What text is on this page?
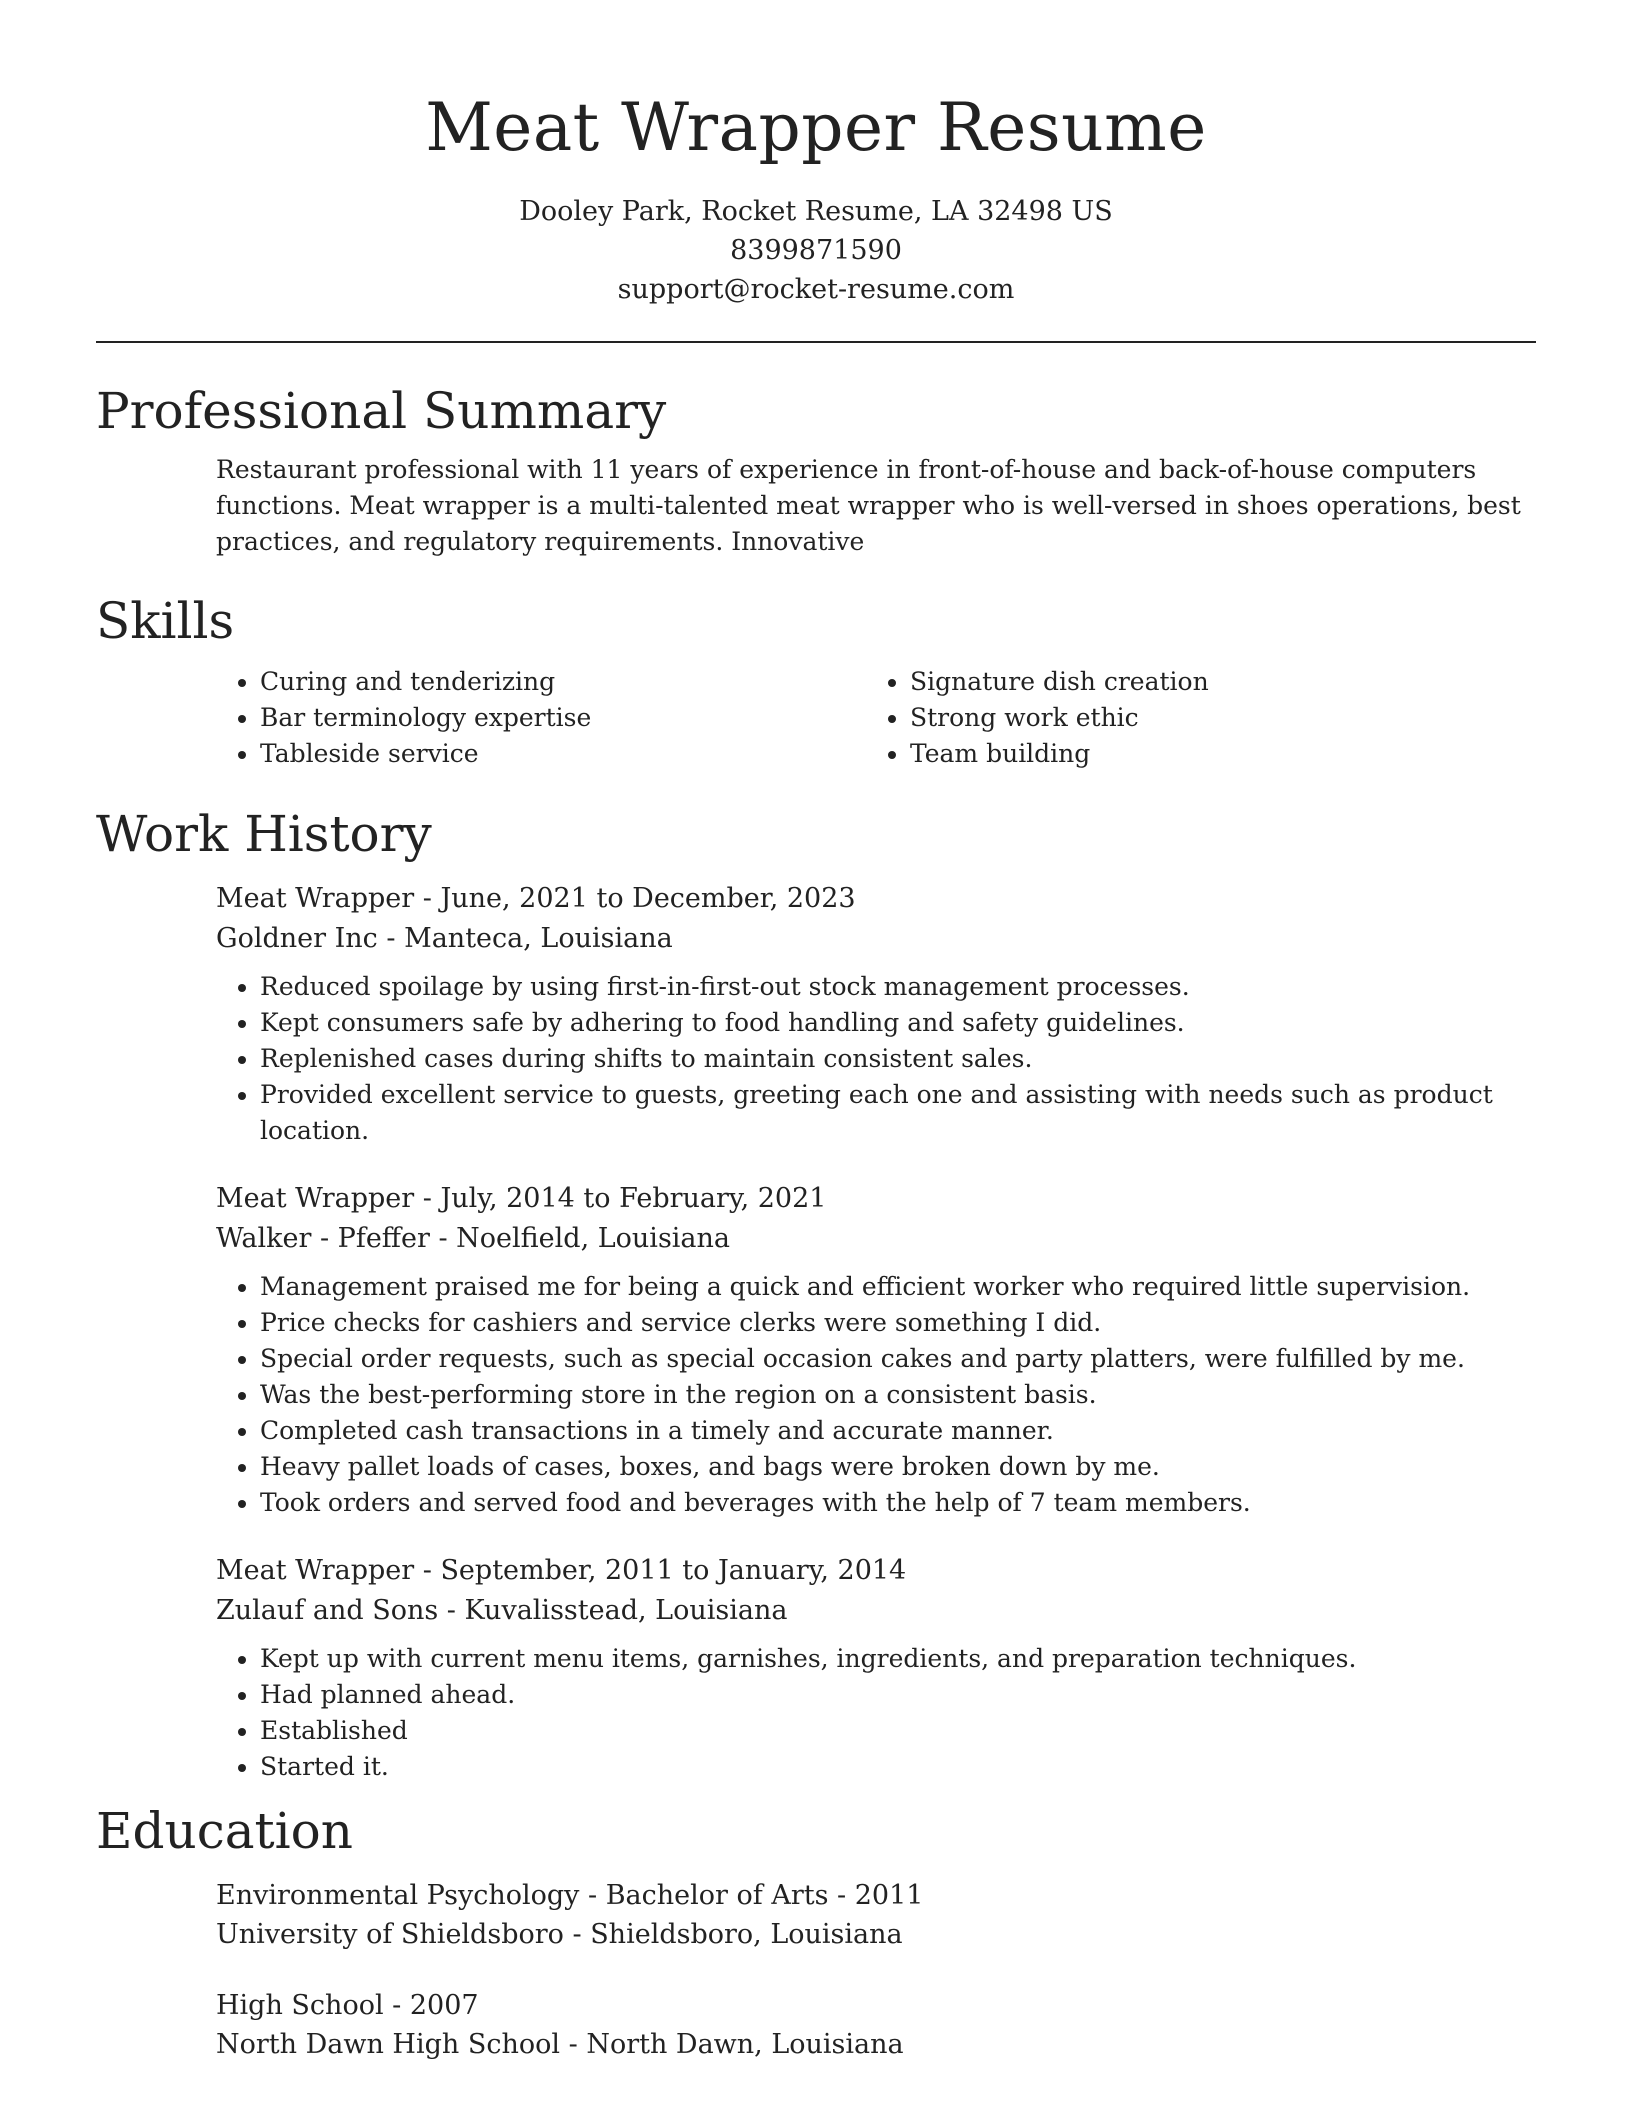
Meat Wrapper Resume
Dooley Park, Rocket Resume, LA 32498 US
8399871590
support@rocket-resume.com
Professional Summary

Restaurant professional with 11 years of experience in front-of-house and back-of-house computers functions. Meat wrapper is a multi-talented meat wrapper who is well-versed in shoes operations, best practices, and regulatory requirements. Innovative

Skills
• Curing and tenderizing
• Bar terminology expertise
• Tableside service
• Signature dish creation
• Strong work ethic
• Team building
Work History
Meat Wrapper - June, 2021 to December, 2023
Goldner Inc - Manteca, Louisiana
• Reduced spoilage by using first-in-first-out stock management processes.
• Kept consumers safe by adhering to food handling and safety guidelines.
• Replenished cases during shifts to maintain consistent sales.
• Provided excellent service to guests, greeting each one and assisting with needs such as product location.
Meat Wrapper - July, 2014 to February, 2021
Walker - Pfeffer - Noelfield, Louisiana
• Management praised me for being a quick and efficient worker who required little supervision.
• Price checks for cashiers and service clerks were something I did.
• Special order requests, such as special occasion cakes and party platters, were fulfilled by me.
• Was the best-performing store in the region on a consistent basis.
• Completed cash transactions in a timely and accurate manner.
• Heavy pallet loads of cases, boxes, and bags were broken down by me.
• Took orders and served food and beverages with the help of 7 team members.
Meat Wrapper - September, 2011 to January, 2014
Zulauf and Sons - Kuvalisstead, Louisiana
• Kept up with current menu items, garnishes, ingredients, and preparation techniques.
• Had planned ahead.
• Established
• Started it.
Education
Environmental Psychology - Bachelor of Arts - 2011
University of Shieldsboro - Shieldsboro, Louisiana
High School - 2007
North Dawn High School - North Dawn, Louisiana
